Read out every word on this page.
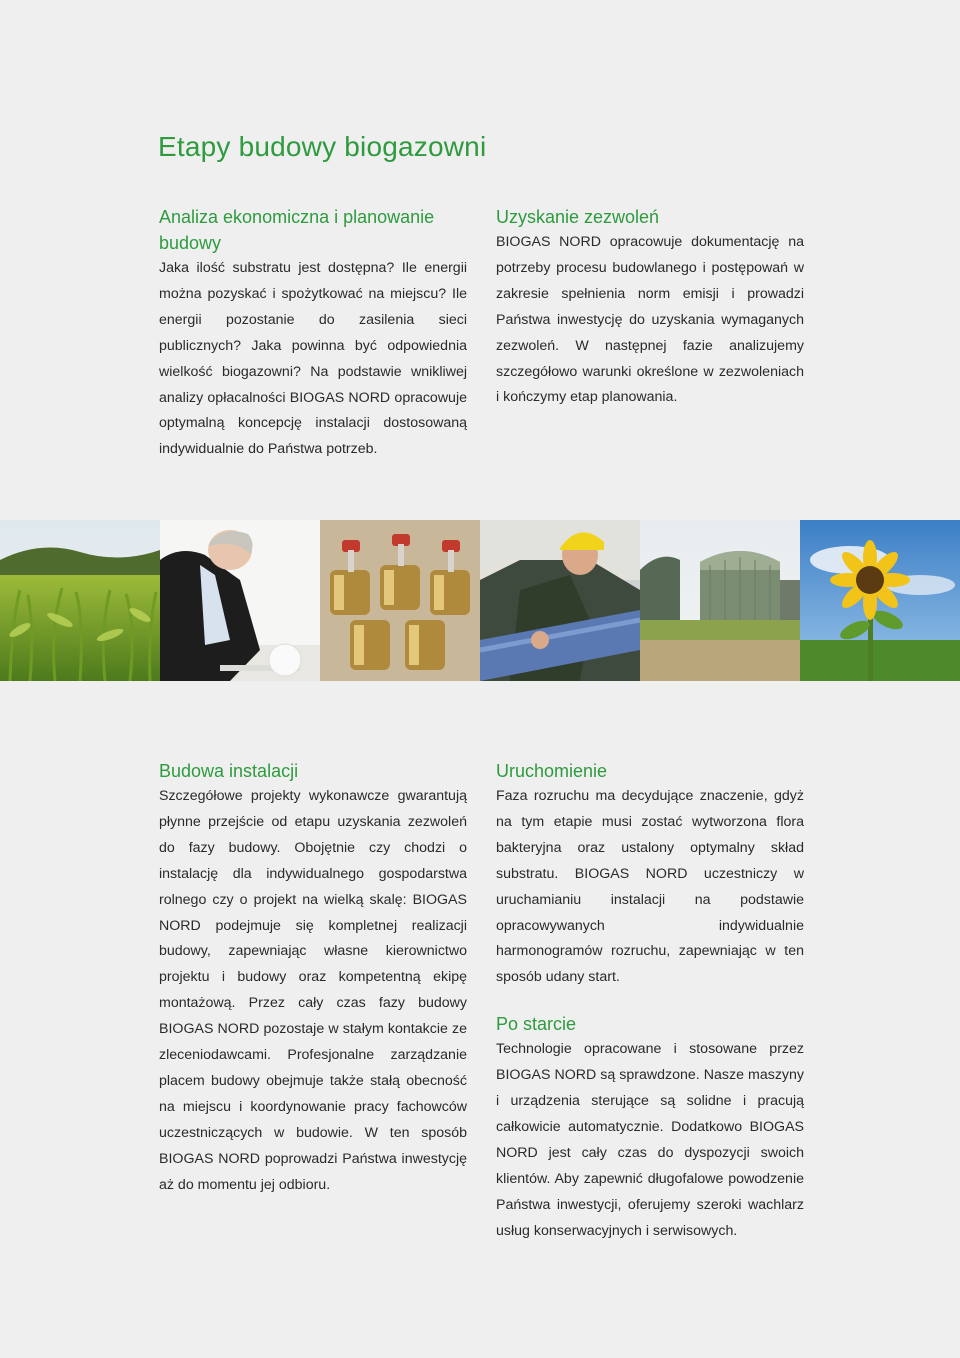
Etapy budowy biogazowni
Analiza ekonomiczna i planowanie budowy

Jaka ilość substratu jest dostępna? Ile energii można pozyskać i spożytkować na miejscu? Ile energii pozostanie do zasilenia sieci publicznych? Jaka powinna być odpowiednia wielkość biogazowni? Na podstawie wnikliwej analizy opłacalności BIOGAS NORD opracowuje optymalną koncepcję instalacji dostosowaną indywidualnie do Państwa potrzeb.

Uzyskanie zezwoleń

BIOGAS NORD opracowuje dokumentację na potrzeby procesu budowlanego i postępowań w zakresie spełnienia norm emisji i prowadzi Państwa inwestycję do uzyskania wymaganych zezwoleń. W następnej fazie analizujemy szczegółowo warunki określone w zezwoleniach i kończymy etap planowania.

Budowa instalacji

Szczegółowe projekty wykonawcze gwarantują płynne przejście od etapu uzyskania zezwoleń do fazy budowy. Obojętnie czy chodzi o instalację dla indywidualnego gospodarstwa rolnego czy o projekt na wielką skalę: BIOGAS NORD podejmuje się kompletnej realizacji budowy, zapewniając własne kierownictwo projektu i budowy oraz kompetentną ekipę montażową. Przez cały czas fazy budowy BIOGAS NORD pozostaje w stałym kontakcie ze zleceniodawcami. Profesjonalne zarządzanie placem budowy obejmuje także stałą obecność na miejscu i koordynowanie pracy fachowców uczestniczących w budowie. W ten sposób BIOGAS NORD poprowadzi Państwa inwestycję aż do momentu jej odbioru.

Uruchomienie

Faza rozruchu ma decydujące znaczenie, gdyż na tym etapie musi zostać wytworzona flora bakteryjna oraz ustalony optymalny skład substratu. BIOGAS NORD uczestniczy w uruchamianiu instalacji na podstawie opracowywanych indywidualnie harmonogramów rozruchu, zapewniając w ten sposób udany start.

Po starcie

Technologie opracowane i stosowane przez BIOGAS NORD są sprawdzone. Nasze maszyny i urządzenia sterujące są solidne i pracują całkowicie automatycznie. Dodatkowo BIOGAS NORD jest cały czas do dyspozycji swoich klientów. Aby zapewnić długofalowe powodzenie Państwa inwestycji, oferujemy szeroki wachlarz usług konserwacyjnych i serwisowych.
